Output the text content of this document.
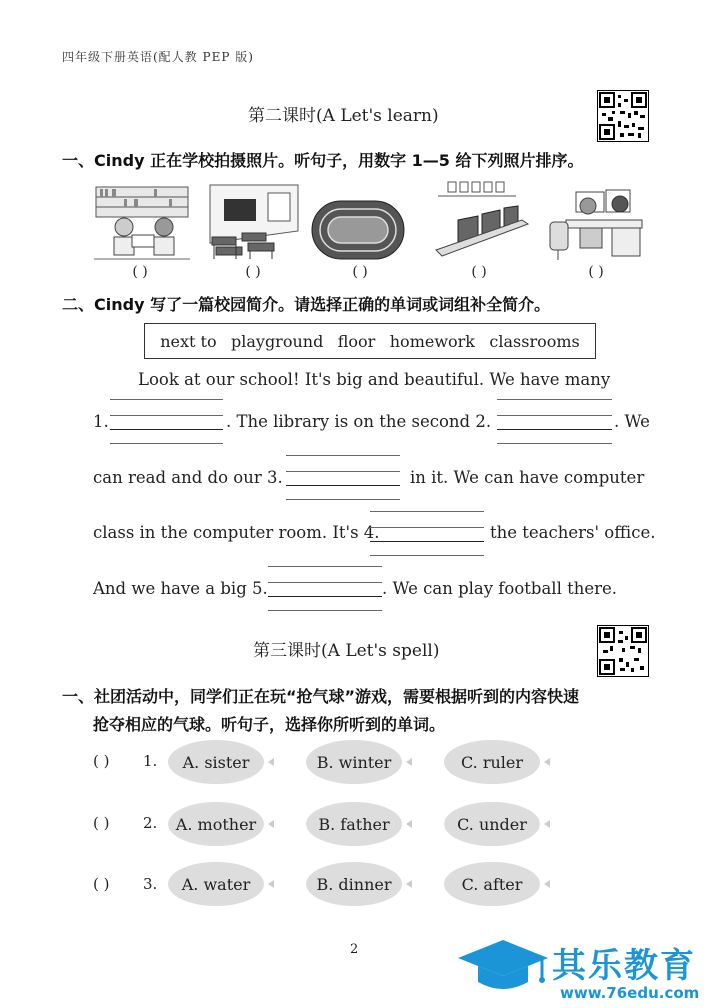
四年级下册英语(配人教 PEP 版)
第二课时(A Let's learn)
一、Cindy 正在学校拍摄照片。听句子，用数字 1—5 给下列照片排序。
( )	( )	( )	( )	( )
二、Cindy 写了一篇校园简介。请选择正确的单词或词组补全简介。
next to playground floor homework classrooms
Look at our school! It's big and beautiful. We have many
1.	. The library is on the second 2.	. We
can read and do our 3.	in it. We can have computer
class in the computer room. It's 4.	the teachers' office.
And we have a big 5.	. We can play football there.
第三课时(A Let's spell)
一、社团活动中，同学们正在玩“抢气球”游戏，需要根据听到的内容快速
抢夺相应的气球。听句子，选择你所听到的单词。
( ) 1.	A. sister	B. winter	C. ruler
( ) 2.	A. mother	B. father	C. under
( ) 3.	A. water	B. dinner	C. after
2	其乐教育
www.76edu.com
